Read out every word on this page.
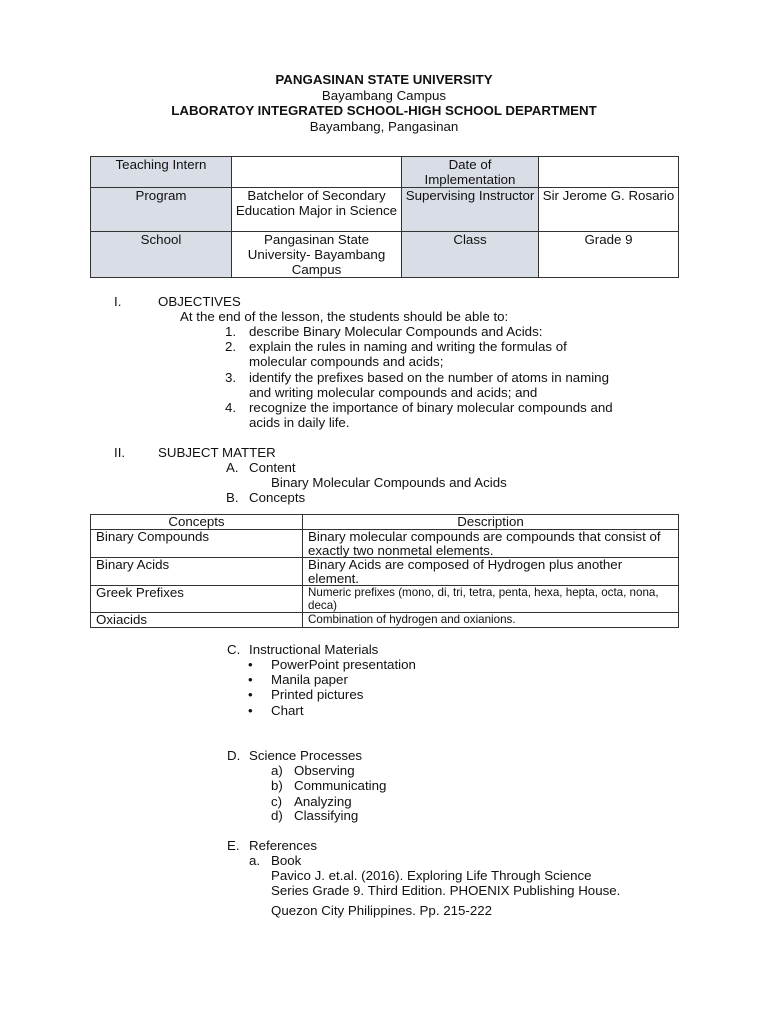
PANGASINAN STATE UNIVERSITY
Bayambang Campus
LABORATOY INTEGRATED SCHOOL-HIGH SCHOOL DEPARTMENT
Bayambang, Pangasinan
Teaching Intern		Date of Implementation	
Program	Batchelor of Secondary Education Major in Science	Supervising Instructor	Sir Jerome G. Rosario
School	Pangasinan State University- Bayambang Campus	Class	Grade 9
I.	OBJECTIVES
At the end of the lesson, the students should be able to:
1. describe Binary Molecular Compounds and Acids:
2. explain the rules in naming and writing the formulas of
molecular compounds and acids;
3. identify the prefixes based on the number of atoms in naming
and writing molecular compounds and acids; and
4. recognize the importance of binary molecular compounds and
acids in daily life.
II. SUBJECT MATTER
A. Content
Binary Molecular Compounds and Acids
B. Concepts
Concepts	Description
Binary Compounds	Binary molecular compounds are compounds that consist of exactly two nonmetal elements.
Binary Acids	Binary Acids are composed of Hydrogen plus another element.
Greek Prefixes	Numeric prefixes (mono, di, tri, tetra, penta, hexa, hepta, octa, nona, deca)
Oxiacids	Combination of hydrogen and oxianions.
C. Instructional Materials
• PowerPoint presentation
• Manila paper
• Printed pictures
• Chart
D. Science Processes
a) Observing
b) Communicating
c) Analyzing
d) Classifying
E. References
a. Book
Pavico J. et.al. (2016). Exploring Life Through Science
Series Grade 9. Third Edition. PHOENIX Publishing House.
Quezon City Philippines. Pp. 215-222
